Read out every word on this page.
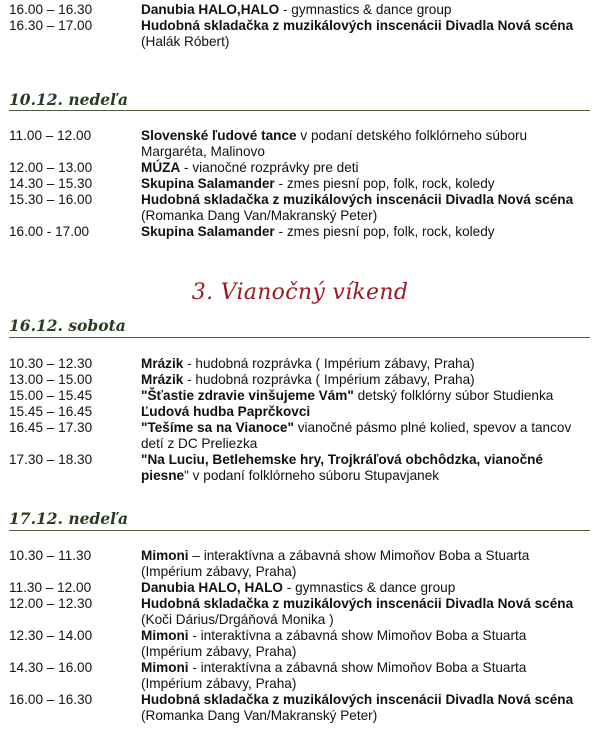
16.00 – 16.30	Danubia HALO,HALO - gymnastics & dance group
16.30 – 17.00	Hudobná skladačka z muzikálových inscenácii Divadla Nová scéna (Halák Róbert)
10.12. nedeľa
11.00 – 12.00	Slovenské ľudové tance v podaní detského folklórneho súboru Margaréta, Malinovo
12.00 – 13.00	MÚZA - vianočné rozprávky pre deti
14.30 – 15.30	Skupina Salamander - zmes piesní pop, folk, rock, koledy
15.30 – 16.00	Hudobná skladačka z muzikálových inscenácii Divadla Nová scéna (Romanka Dang Van/Makranský Peter)
16.00 - 17.00	Skupina Salamander - zmes piesní pop, folk, rock, koledy
3. Vianočný víkend
16.12. sobota
10.30 – 12.30	Mrázik - hudobná rozprávka ( Impérium zábavy, Praha)
13.00 – 15.00	Mrázik - hudobná rozprávka ( Impérium zábavy, Praha)
15.00 – 15.45	"Šťastie zdravie vinšujeme Vám" detský folklórny súbor Studienka
15.45 – 16.45	Ľudová hudba Paprčkovci
16.45 – 17.30	"Tešíme sa na Vianoce" vianočné pásmo plné kolied, spevov a tancov detí z DC Preliezka
17.30 – 18.30	"Na Luciu, Betlehemske hry, Trojkráľová obchôdzka, vianočné piesne" v podaní folklórneho súboru Stupavjanek
17.12. nedeľa
10.30 – 11.30	Mimoni – interaktívna a zábavná show Mimoňov Boba a Stuarta (Impérium zábavy, Praha)
11.30 – 12.00	Danubia HALO, HALO - gymnastics & dance group
12.00 – 12.30	Hudobná skladačka z muzikálových inscenácii Divadla Nová scéna (Koči Dárius/Drgáňová Monika )
12.30 – 14.00	Mimoni - interaktívna a zábavná show Mimoňov Boba a Stuarta (Impérium zábavy, Praha)
14.30 – 16.00	Mimoni - interaktívna a zábavná show Mimoňov Boba a Stuarta (Impérium zábavy, Praha)
16.00 – 16.30	Hudobná skladačka z muzikálových inscenácii Divadla Nová scéna (Romanka Dang Van/Makranský Peter)
